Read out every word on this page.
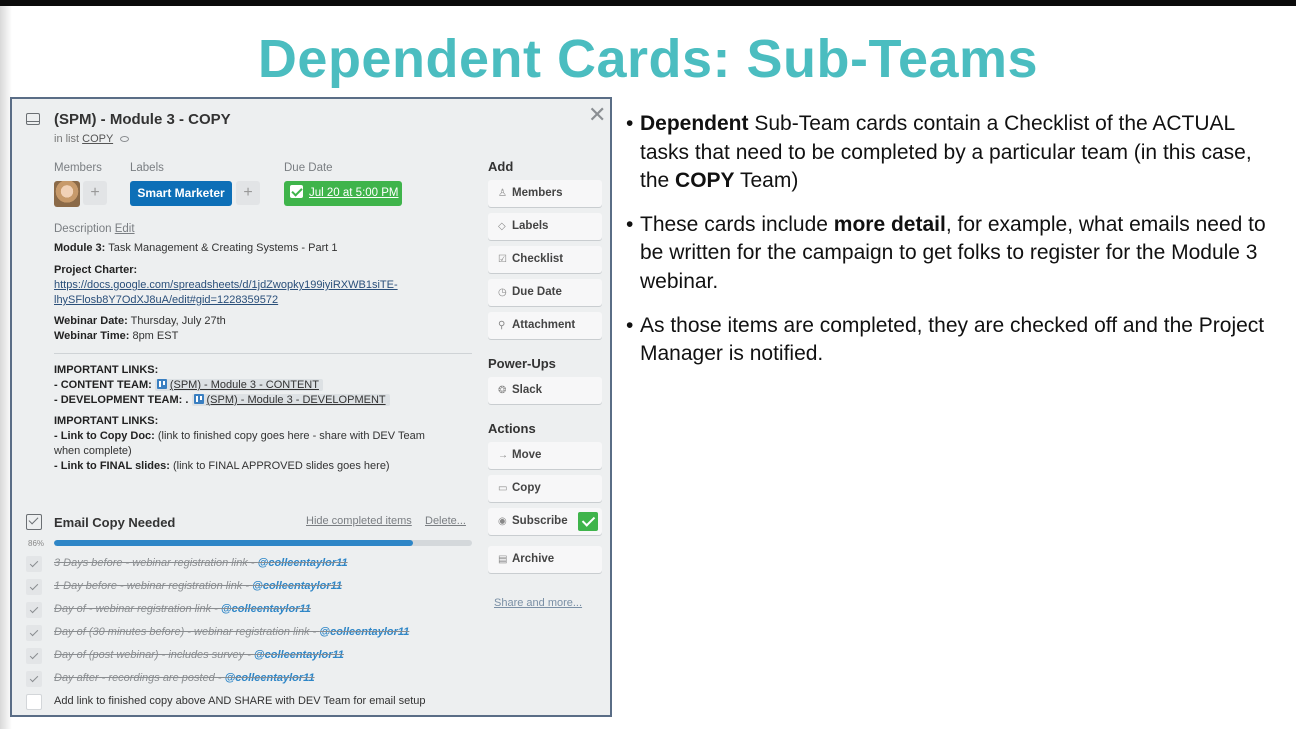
Dependent Cards: Sub-Teams
(SPM) - Module 3 - COPY
in list COPY
✕
Members Labels	Due Date
+	Smart Marketer	+	Jul 20 at 5:00 PM
Description Edit
Module 3: Task Management & Creating Systems - Part 1
Project Charter:
https://docs.google.com/spreadsheets/d/1jdZwopky199iyiRXWB1siTE-
lhySFlosb8Y7OdXJ8uA/edit#gid=1228359572
Webinar Date: Thursday, July 27th
Webinar Time: 8pm EST
IMPORTANT LINKS:
- CONTENT TEAM: (SPM) - Module 3 - CONTENT
- DEVELOPMENT TEAM: . (SPM) - Module 3 - DEVELOPMENT
IMPORTANT LINKS:
- Link to Copy Doc: (link to finished copy goes here - share with DEV Team
when complete)
- Link to FINAL slides: (link to FINAL APPROVED slides goes here)
Add
♙ Members
◇ Labels
☑ Checklist
◷ Due Date
⚲ Attachment
Power-Ups
❂ Slack
Actions
→ Move
▭ Copy
◉ Subscribe
▤ Archive
Share and more...
Email Copy Needed	Hide completed items Delete...
86%
3 Days before - webinar registration link - @colleentaylor11
1 Day before - webinar registration link - @colleentaylor11
Day of - webinar registration link - @colleentaylor11
Day of (30 minutes before) - webinar registration link - @colleentaylor11
Day of (post webinar) - includes survey - @colleentaylor11
Day after - recordings are posted - @colleentaylor11
Add link to finished copy above AND SHARE with DEV Team for email setup
• Dependent Sub-Team cards contain a Checklist of the ACTUAL tasks that need to be completed by a particular team (in this case, the COPY Team)
• These cards include more detail, for example, what emails need to be written for the campaign to get folks to register for the Module 3 webinar.
• As those items are completed, they are checked off and the Project Manager is notified.
